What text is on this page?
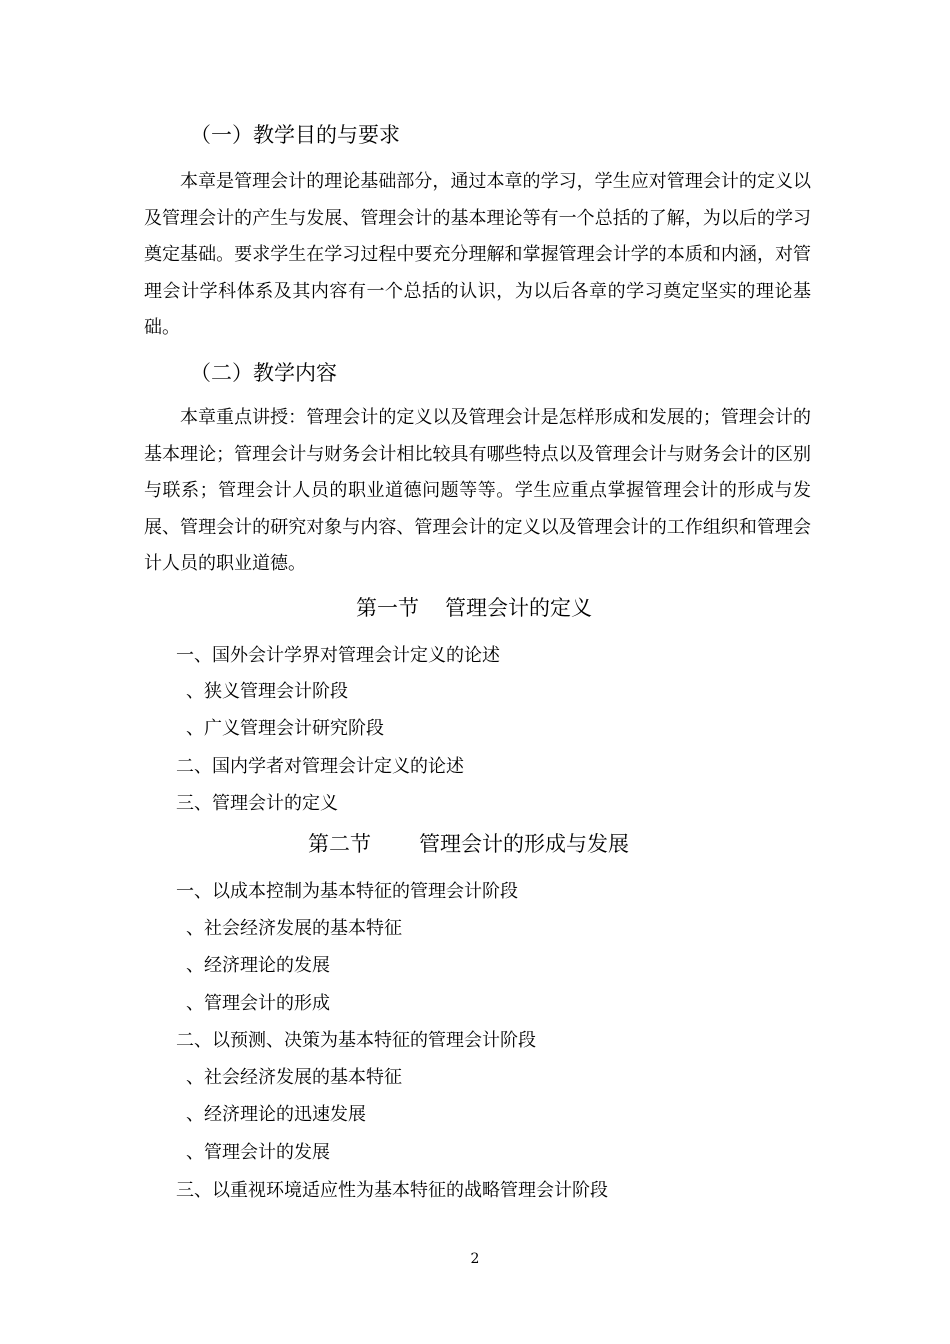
（一）教学目的与要求
本章是管理会计的理论基础部分，通过本章的学习，学生应对管理会计的定义以及管理会计的产生与发展、管理会计的基本理论等有一个总括的了解，为以后的学习奠定基础。要求学生在学习过程中要充分理解和掌握管理会计学的本质和内涵，对管理会计学科体系及其内容有一个总括的认识，为以后各章的学习奠定坚实的理论基础。
（二）教学内容
本章重点讲授：管理会计的定义以及管理会计是怎样形成和发展的；管理会计的基本理论；管理会计与财务会计相比较具有哪些特点以及管理会计与财务会计的区别与联系；管理会计人员的职业道德问题等等。学生应重点掌握管理会计的形成与发展、管理会计的研究对象与内容、管理会计的定义以及管理会计的工作组织和管理会计人员的职业道德。
第一节 管理会计的定义
一、国外会计学界对管理会计定义的论述
、狭义管理会计阶段
、广义管理会计研究阶段
二、国内学者对管理会计定义的论述
三、管理会计的定义
第二节 管理会计的形成与发展
一、以成本控制为基本特征的管理会计阶段
、社会经济发展的基本特征
、经济理论的发展
、管理会计的形成
二、以预测、决策为基本特征的管理会计阶段
、社会经济发展的基本特征
、经济理论的迅速发展
、管理会计的发展
三、以重视环境适应性为基本特征的战略管理会计阶段
2
